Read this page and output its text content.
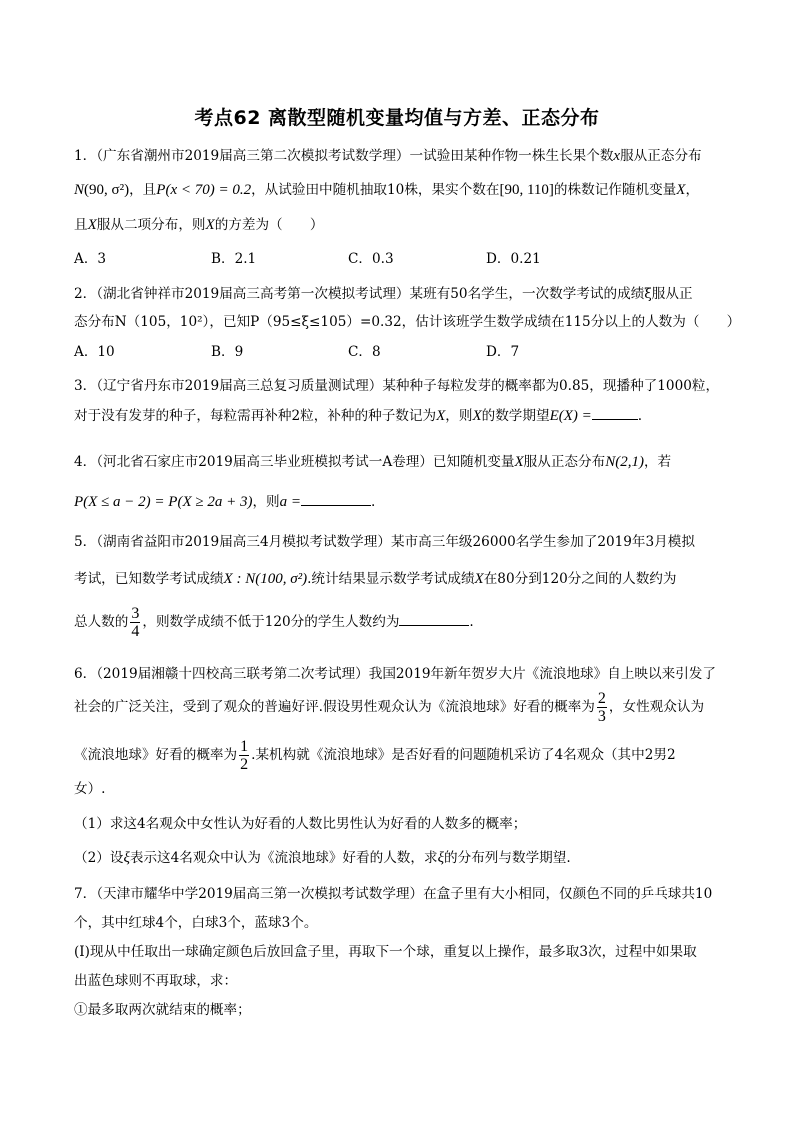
考点62 离散型随机变量均值与方差、正态分布
1．（广东省潮州市2019届高三第二次模拟考试数学理）一试验田某种作物一株生长果个数x服从正态分布
N(90, σ²)，且P(x < 70) = 0.2，从试验田中随机抽取10株，果实个数在[90, 110]的株数记作随机变量X，
且X服从二项分布，则X的方差为（　　）
A．3	B．2.1	C．0.3	D．0.21
2．（湖北省钟祥市2019届高三高考第一次模拟考试理）某班有50名学生，一次数学考试的成绩ξ服从正
态分布N（105，10²），已知P（95≤ξ≤105）=0.32，估计该班学生数学成绩在115分以上的人数为（　　）
A．10	B．9	C．8	D．7
3．（辽宁省丹东市2019届高三总复习质量测试理）某种种子每粒发芽的概率都为0.85，现播种了1000粒，
对于没有发芽的种子，每粒需再补种2粒，补种的种子数记为X，则X的数学期望E(X) =	.
4．（河北省石家庄市2019届高三毕业班模拟考试一A卷理）已知随机变量X服从正态分布N(2,1)，若
P(X ≤ a − 2) = P(X ≥ 2a + 3)，则a =	.
5．（湖南省益阳市2019届高三4月模拟考试数学理）某市高三年级26000名学生参加了2019年3月模拟
考试，已知数学考试成绩X : N(100, σ²).统计结果显示数学考试成绩X在80分到120分之间的人数约为
总人数的 $\frac{3}{4}$ ，则数学成绩不低于120分的学生人数约为	.
6．（2019届湘赣十四校高三联考第二次考试理）我国2019年新年贺岁大片《流浪地球》自上映以来引发了
社会的广泛关注，受到了观众的普遍好评.假设男性观众认为《流浪地球》好看的概率为 $\frac{2}{3}$ ，女性观众认为
《流浪地球》好看的概率为 $\frac{1}{2}$ .某机构就《流浪地球》是否好看的问题随机采访了4名观众（其中2男2
女）.
（1）求这4名观众中女性认为好看的人数比男性认为好看的人数多的概率；
（2）设ξ表示这4名观众中认为《流浪地球》好看的人数，求ξ的分布列与数学期望.
7．（天津市耀华中学2019届高三第一次模拟考试数学理）在盒子里有大小相同，仅颜色不同的乒乓球共10
个，其中红球4个，白球3个，蓝球3个。
(Ⅰ)现从中任取出一球确定颜色后放回盒子里，再取下一个球，重复以上操作，最多取3次，过程中如果取
出蓝色球则不再取球，求：
①最多取两次就结束的概率；
